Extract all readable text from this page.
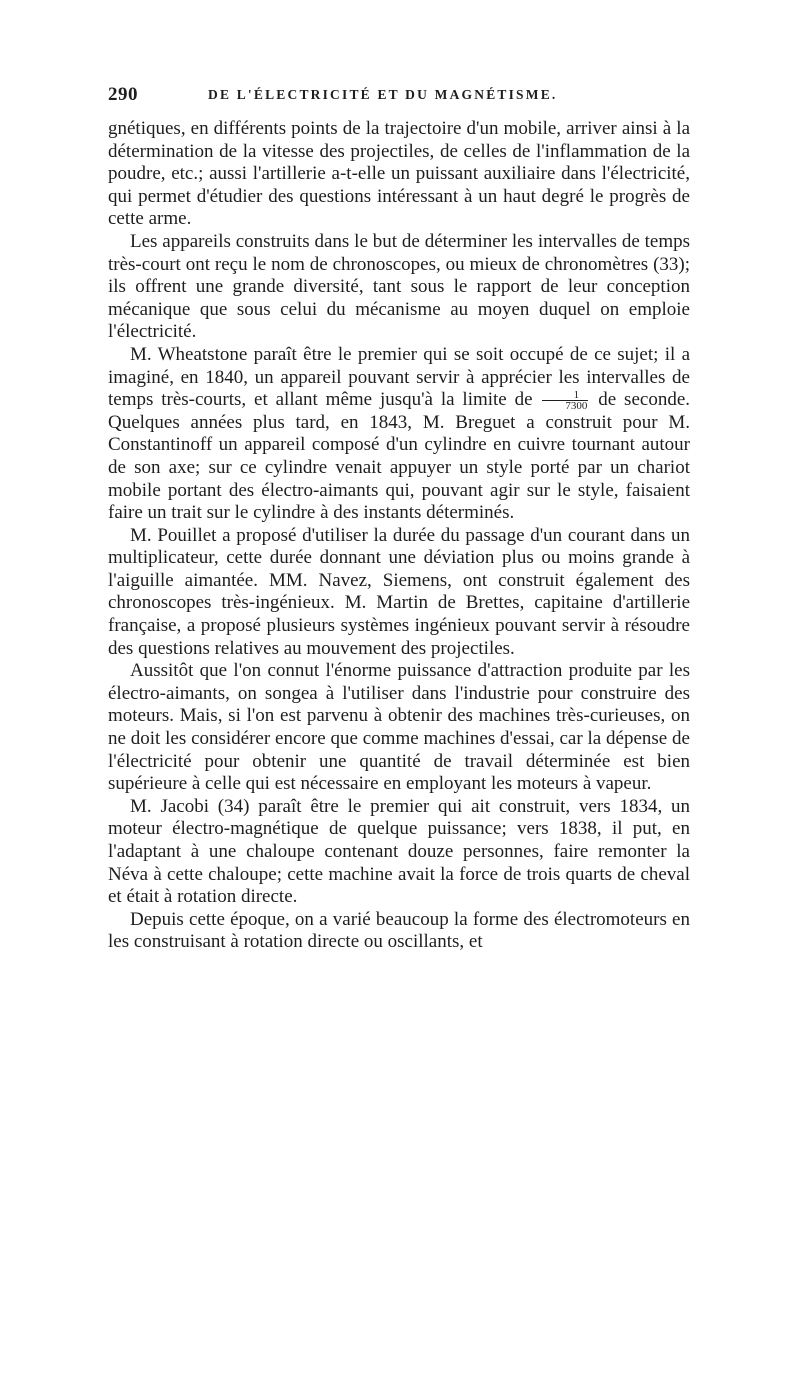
290	DE L'ÉLECTRICITÉ ET DU MAGNÉTISME.

gnétiques, en différents points de la trajectoire d'un mobile, arriver ainsi à la détermination de la vitesse des projectiles, de celles de l'inflammation de la poudre, etc.; aussi l'artillerie a-t-elle un puissant auxiliaire dans l'électricité, qui permet d'étudier des questions intéressant à un haut degré le progrès de cette arme.

Les appareils construits dans le but de déterminer les intervalles de temps très-court ont reçu le nom de chronoscopes, ou mieux de chronomètres (33); ils offrent une grande diversité, tant sous le rapport de leur conception mécanique que sous celui du mécanisme au moyen duquel on emploie l'électricité.

M. Wheatstone paraît être le premier qui se soit occupé de ce sujet; il a imaginé, en 1840, un appareil pouvant servir à apprécier les intervalles de temps très-courts, et allant même jusqu'à la limite de $\frac{1}{7300}$ de seconde. Quelques années plus tard, en 1843, M. Breguet a construit pour M. Constantinoff un appareil composé d'un cylindre en cuivre tournant autour de son axe; sur ce cylindre venait appuyer un style porté par un chariot mobile portant des électro-aimants qui, pouvant agir sur le style, faisaient faire un trait sur le cylindre à des instants déterminés.

M. Pouillet a proposé d'utiliser la durée du passage d'un courant dans un multiplicateur, cette durée donnant une déviation plus ou moins grande à l'aiguille aimantée. MM. Navez, Siemens, ont construit également des chronoscopes très-ingénieux. M. Martin de Brettes, capitaine d'artillerie française, a proposé plusieurs systèmes ingénieux pouvant servir à résoudre des questions relatives au mouvement des projectiles.

Aussitôt que l'on connut l'énorme puissance d'attraction produite par les électro-aimants, on songea à l'utiliser dans l'industrie pour construire des moteurs. Mais, si l'on est parvenu à obtenir des machines très-curieuses, on ne doit les considérer encore que comme machines d'essai, car la dépense de l'électricité pour obtenir une quantité de travail déterminée est bien supérieure à celle qui est nécessaire en employant les moteurs à vapeur.

M. Jacobi (34) paraît être le premier qui ait construit, vers 1834, un moteur électro-magnétique de quelque puissance; vers 1838, il put, en l'adaptant à une chaloupe contenant douze personnes, faire remonter la Néva à cette chaloupe; cette machine avait la force de trois quarts de cheval et était à rotation directe.

Depuis cette époque, on a varié beaucoup la forme des électromoteurs en les construisant à rotation directe ou oscillants, et
